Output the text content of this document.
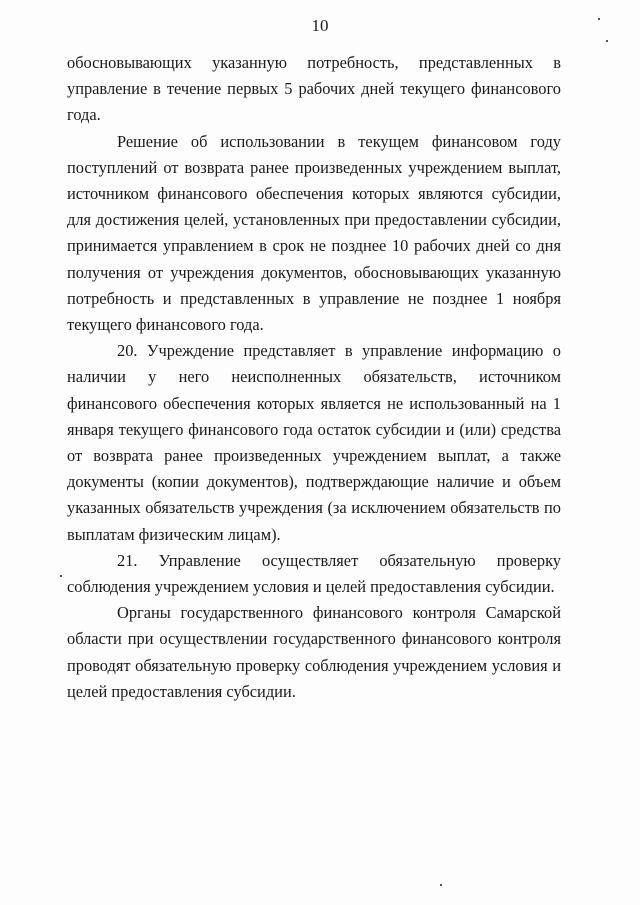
10

обосновывающих указанную потребность, представленных в управление в течение первых 5 рабочих дней текущего финансового года.

Решение об использовании в текущем финансовом году поступлений от возврата ранее произведенных учреждением выплат, источником финансового обеспечения которых являются субсидии, для достижения целей, установленных при предоставлении субсидии, принимается управлением в срок не позднее 10 рабочих дней со дня получения от учреждения документов, обосновывающих указанную потребность и представленных в управление не позднее 1 ноября текущего финансового года.

20. Учреждение представляет в управление информацию о наличии у него неисполненных обязательств, источником финансового обеспечения которых является не использованный на 1 января текущего финансового года остаток субсидии и (или) средства от возврата ранее произведенных учреждением выплат, а также документы (копии документов), подтверждающие наличие и объем указанных обязательств учреждения (за исключением обязательств по выплатам физическим лицам).

21. Управление осуществляет обязательную проверку соблюдения учреждением условия и целей предоставления субсидии.

Органы государственного финансового контроля Самарской области при осуществлении государственного финансового контроля проводят обязательную проверку соблюдения учреждением условия и целей предоставления субсидии.
